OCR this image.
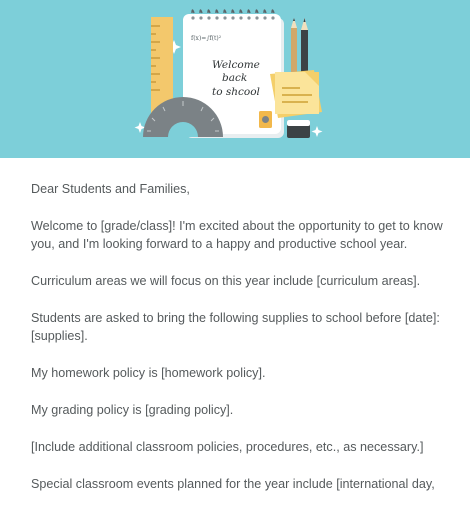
f(x)=∫f(t)²
Welcome
back
to shcool

Dear Students and Families,

Welcome to [grade/class]! I'm excited about the opportunity to get to know you, and I'm looking forward to a happy and productive school year.

Curriculum areas we will focus on this year include [curriculum areas].

Students are asked to bring the following supplies to school before [date]: [supplies].

My homework policy is [homework policy].

My grading policy is [grading policy].

[Include additional classroom policies, procedures, etc., as necessary.]

Special classroom events planned for the year include [international day,
